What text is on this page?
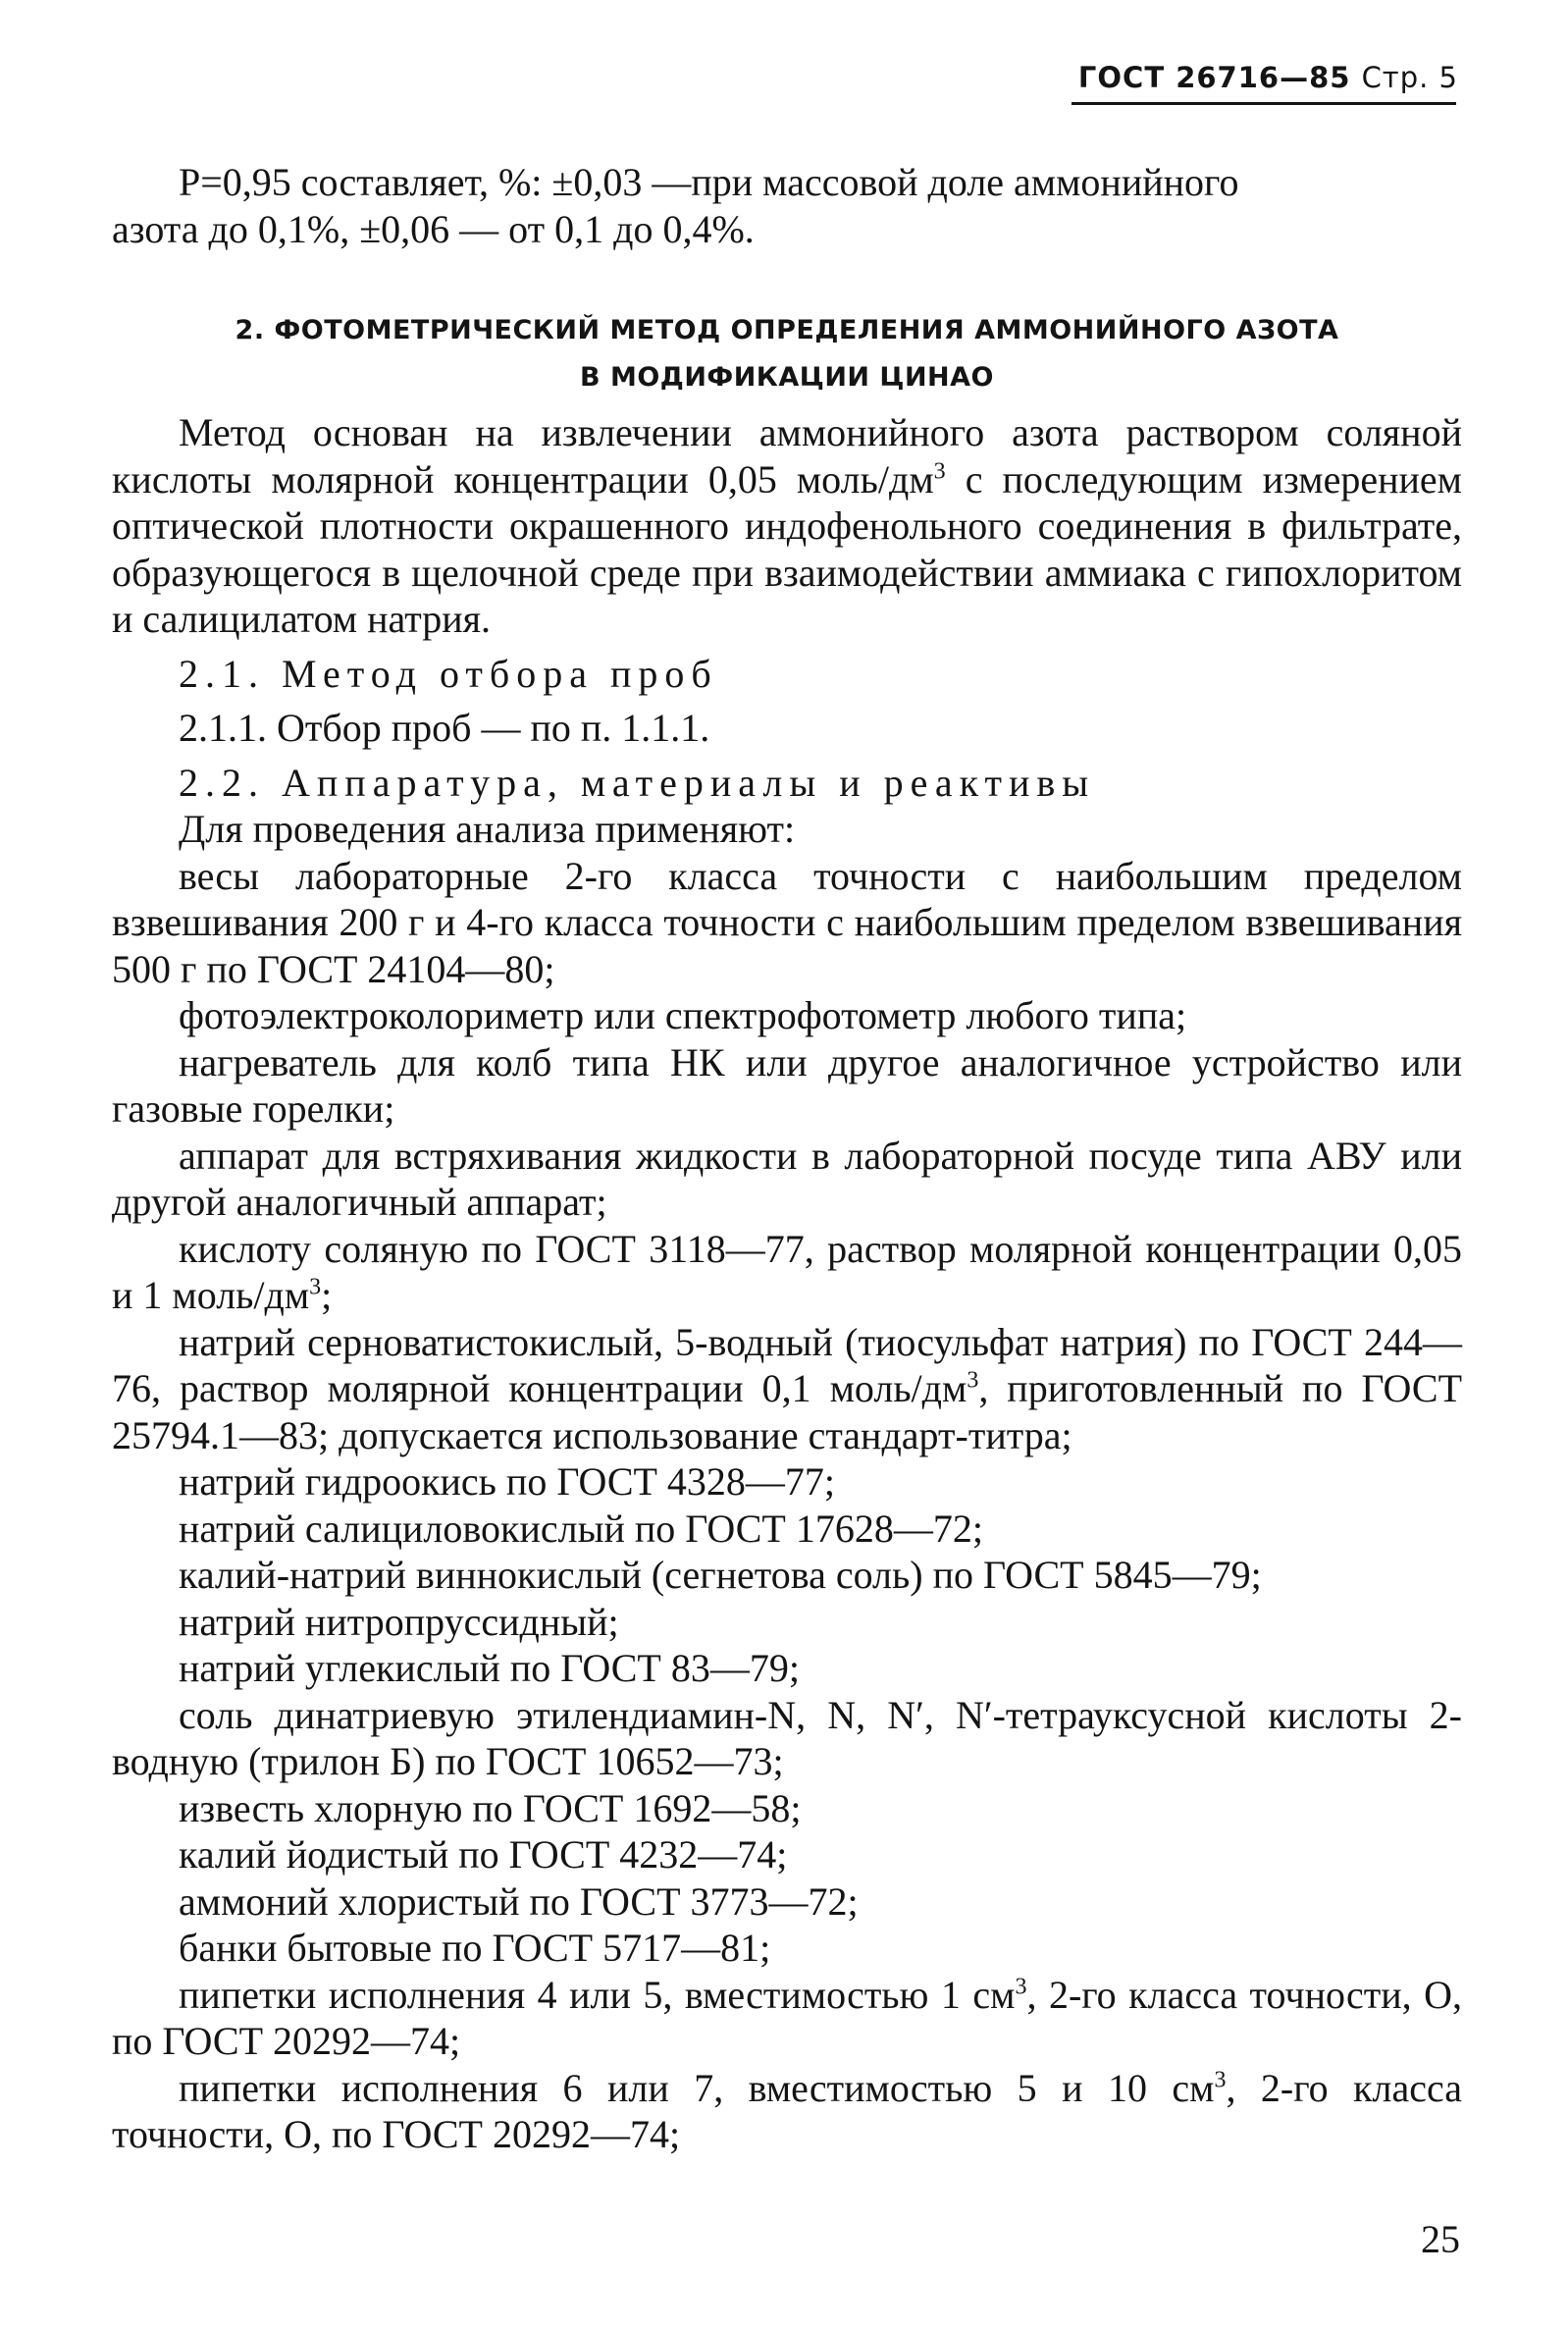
ГОСТ 26716—85 Стр. 5
P=0,95 составляет, %: ±0,03 —при массовой доле аммонийного
азота до 0,1%, ±0,06 — от 0,1 до 0,4%.
2. ФОТОМЕТРИЧЕСКИЙ МЕТОД ОПРЕДЕЛЕНИЯ АММОНИЙНОГО АЗОТА
В МОДИФИКАЦИИ ЦИНАО
Метод основан на извлечении аммонийного азота раствором соляной кислоты молярной концентрации 0,05 моль/$дм^3$ с последующим измерением оптической плотности окрашенного индофенольного соединения в фильтрате, образующегося в щелочной среде при взаимодействии аммиака с гипохлоритом и салицилатом натрия.
2.1. Метод отбора проб
2.1.1. Отбор проб — по п. 1.1.1.
2.2. Аппаратура, материалы и реактивы
Для проведения анализа применяют:
весы лабораторные 2-го класса точности с наибольшим пределом взвешивания 200 г и 4-го класса точности с наибольшим пределом взвешивания 500 г по ГОСТ 24104—80;
фотоэлектроколориметр или спектрофотометр любого типа;
нагреватель для колб типа НК или другое аналогичное устройство или газовые горелки;
аппарат для встряхивания жидкости в лабораторной посуде типа АВУ или другой аналогичный аппарат;
кислоту соляную по ГОСТ 3118—77, раствор молярной концентрации 0,05 и 1 моль/$дм^3$;
натрий серноватистокислый, 5-водный (тиосульфат натрия) по ГОСТ 244—76, раствор молярной концентрации 0,1 моль/$дм^3$, приготовленный по ГОСТ 25794.1—83; допускается использование стандарт-титра;
натрий гидроокись по ГОСТ 4328—77;
натрий салициловокислый по ГОСТ 17628—72;
калий-натрий виннокислый (сегнетова соль) по ГОСТ 5845—79;
натрий нитропруссидный;
натрий углекислый по ГОСТ 83—79;
соль динатриевую этилендиамин-N, N, N′, N′-тетрауксусной кислоты 2-водную (трилон Б) по ГОСТ 10652—73;
известь хлорную по ГОСТ 1692—58;
калий йодистый по ГОСТ 4232—74;
аммоний хлористый по ГОСТ 3773—72;
банки бытовые по ГОСТ 5717—81;
пипетки исполнения 4 или 5, вместимостью 1 $см^3$, 2-го класса точности, О, по ГОСТ 20292—74;
пипетки исполнения 6 или 7, вместимостью 5 и 10 $см^3$, 2-го класса точности, О, по ГОСТ 20292—74;
25
